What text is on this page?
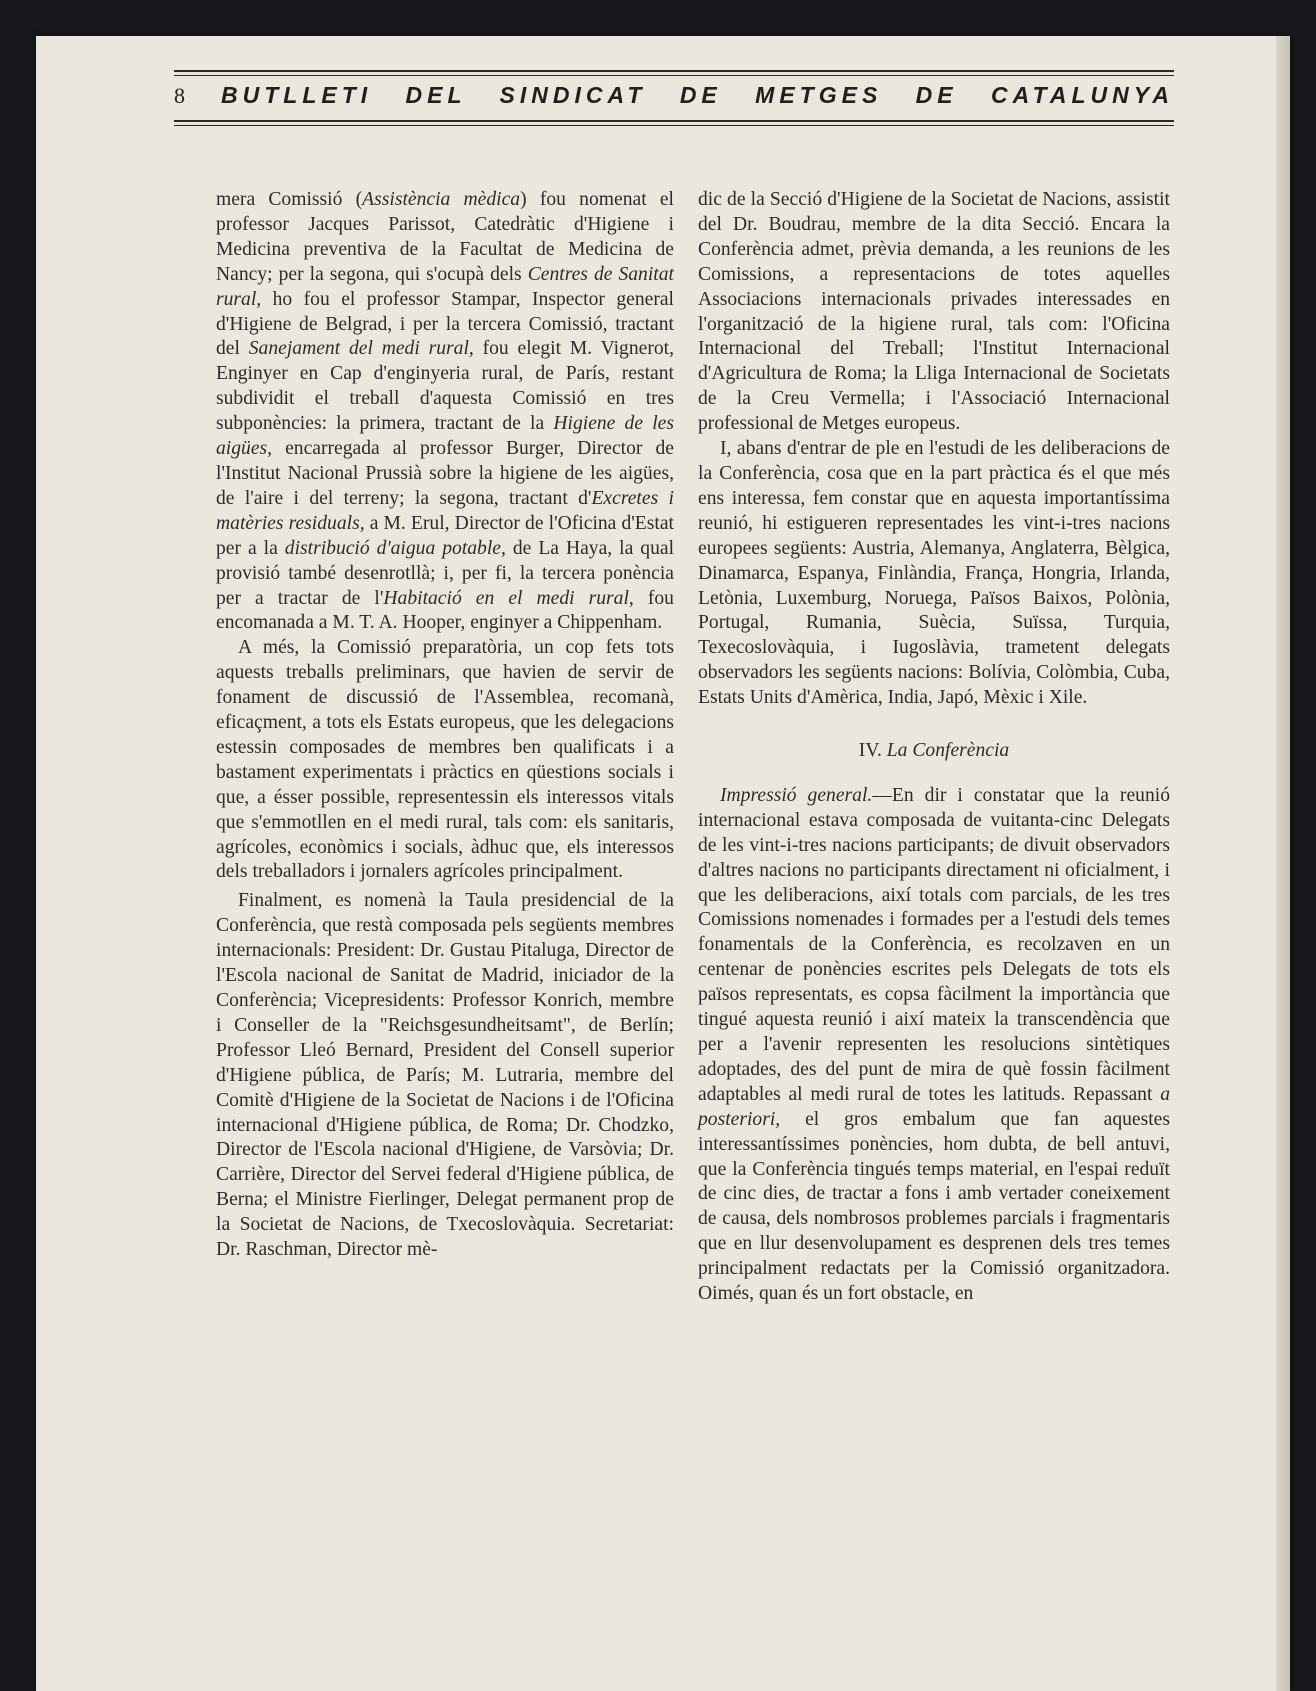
8 BUTLLETI DEL SINDICAT DE METGES DE CATALUNYA

mera Comissió (Assistència mèdica) fou nomenat el professor Jacques Parissot, Catedràtic d'Higiene i Medicina preventiva de la Facultat de Medicina de Nancy; per la segona, qui s'ocupà dels Centres de Sanitat rural, ho fou el professor Stampar, Inspector general d'Higiene de Belgrad, i per la tercera Comissió, tractant del Sanejament del medi rural, fou elegit M. Vignerot, Enginyer en Cap d'enginyeria rural, de París, restant subdividit el treball d'aquesta Comissió en tres subponències: la primera, tractant de la Higiene de les aigües, encarregada al professor Burger, Director de l'Institut Nacional Prussià sobre la higiene de les aigües, de l'aire i del terreny; la segona, tractant d'Excretes i matèries residuals, a M. Erul, Director de l'Oficina d'Estat per a la distribució d'aigua potable, de La Haya, la qual provisió també desenrotllà; i, per fi, la tercera ponència per a tractar de l'Habitació en el medi rural, fou encomanada a M. T. A. Hooper, enginyer a Chippenham.

A més, la Comissió preparatòria, un cop fets tots aquests treballs preliminars, que havien de servir de fonament de discussió de l'Assemblea, recomanà, eficaçment, a tots els Estats europeus, que les delegacions estessin composades de membres ben qualificats i a bastament experimentats i pràctics en qüestions socials i que, a ésser possible, representessin els interessos vitals que s'emmotllen en el medi rural, tals com: els sanitaris, agrícoles, econòmics i socials, àdhuc que, els interessos dels treballadors i jornalers agrícoles principalment.

Finalment, es nomenà la Taula presidencial de la Conferència, que restà composada pels següents membres internacionals: President: Dr. Gustau Pitaluga, Director de l'Escola nacional de Sanitat de Madrid, iniciador de la Conferència; Vicepresidents: Professor Konrich, membre i Conseller de la "Reichsgesundheitsamt", de Berlín; Professor Lleó Bernard, President del Consell superior d'Higiene pública, de París; M. Lutraria, membre del Comitè d'Higiene de la Societat de Nacions i de l'Oficina internacional d'Higiene pública, de Roma; Dr. Chodzko, Director de l'Escola nacional d'Higiene, de Varsòvia; Dr. Carrière, Director del Servei federal d'Higiene pública, de Berna; el Ministre Fierlinger, Delegat permanent prop de la Societat de Nacions, de Txecoslovàquia. Secretariat: Dr. Raschman, Director mè-

dic de la Secció d'Higiene de la Societat de Nacions, assistit del Dr. Boudrau, membre de la dita Secció. Encara la Conferència admet, prèvia demanda, a les reunions de les Comissions, a representacions de totes aquelles Associacions internacionals privades interessades en l'organització de la higiene rural, tals com: l'Oficina Internacional del Treball; l'Institut Internacional d'Agricultura de Roma; la Lliga Internacional de Societats de la Creu Vermella; i l'Associació Internacional professional de Metges europeus.

I, abans d'entrar de ple en l'estudi de les deliberacions de la Conferència, cosa que en la part pràctica és el que més ens interessa, fem constar que en aquesta importantíssima reunió, hi estigueren representades les vint-i-tres nacions europees següents: Austria, Alemanya, Anglaterra, Bèlgica, Dinamarca, Espanya, Finlàndia, França, Hongria, Irlanda, Letònia, Luxemburg, Noruega, Països Baixos, Polònia, Portugal, Rumania, Suècia, Suïssa, Turquia, Texecoslovàquia, i Iugoslàvia, trametent delegats observadors les següents nacions: Bolívia, Colòmbia, Cuba, Estats Units d'Amèrica, India, Japó, Mèxic i Xile.

IV. La Conferència

Impressió general.—En dir i constatar que la reunió internacional estava composada de vuitanta-cinc Delegats de les vint-i-tres nacions participants; de divuit observadors d'altres nacions no participants directament ni oficialment, i que les deliberacions, així totals com parcials, de les tres Comissions nomenades i formades per a l'estudi dels temes fonamentals de la Conferència, es recolzaven en un centenar de ponències escrites pels Delegats de tots els països representats, es copsa fàcilment la importància que tingué aquesta reunió i així mateix la transcendència que per a l'avenir representen les resolucions sintètiques adoptades, des del punt de mira de què fossin fàcilment adaptables al medi rural de totes les latituds. Repassant a posteriori, el gros embalum que fan aquestes interessantíssimes ponències, hom dubta, de bell antuvi, que la Conferència tingués temps material, en l'espai reduït de cinc dies, de tractar a fons i amb vertader coneixement de causa, dels nombrosos problemes parcials i fragmentaris que en llur desenvolupament es desprenen dels tres temes principalment redactats per la Comissió organitzadora. Oimés, quan és un fort obstacle, en
